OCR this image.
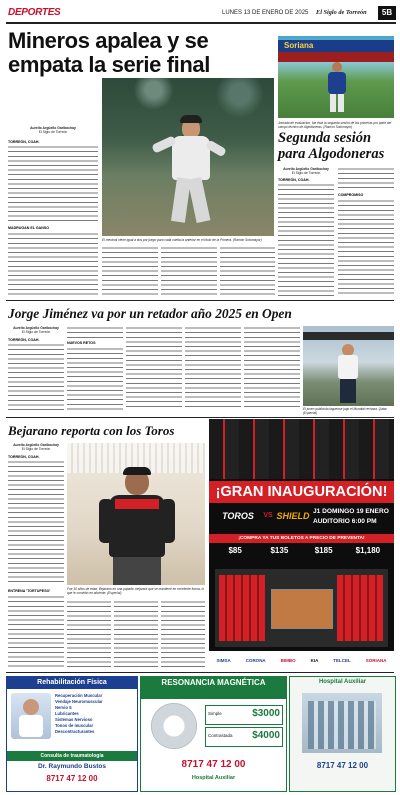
DEPORTES	LUNES 13 DE ENERO DE 2025 El Siglo de Torreón	5B
Mineros apalea y se empata la serie final
El mexicali viene igual a dos por juego para cada vuelta la anterior en el título de la Primera. (Ramón Sotomayor)
Aurelio Argüello Garibochay
El Siglo de Torreón
TORREÓN, COAH.
MADRUGAN EL GANSO
Soriana
Jornada de evaluación, fue ésta la segunda sesión de las primeras por parte del campo técnico de Algodoneras. (Ramón Sotomayor)
Segunda sesión para Algodoneras
Aurelio Argüello Garibochay
El Siglo de Torreón
TORREÓN, COAH.
COMPROMISO
Jorge Jiménez va por un retador año 2025 en Open
Aurelio Argüello Garibochay
El Siglo de Torreón
TORREÓN, COAH.
NUEVOS RETOS
El joven publicista laguense jugó el Mundial rechaza, Qatar. (Especial)
Bejarano reporta con los Toros
Aurelio Argüello Garibochay
El Siglo de Torreón
TORREÓN, COAH.
ENTRENA 'TORTUPESO'	Fue 30 años de edad, Bejarano en una papaíto mejorará que se mantiene en excelente forma, lo que le convirtió en aliciente. (Especial)
¡GRAN INAUGURACIÓN!
TOROS	VS SHIELD J1 DOMINGO 19 ENERO
AUDITORIO 6:00 PM
¡COMPRA YA TUS BOLETOS A PRECIO DE PREVENTA!
$85	$135	$185	$1,180
SIMSA	CORONA	BIMBO	KIA	TELCEL	SORIANA
Rehabilitación Física
Recuperación Muscular
Vendaje Neuromuscular
Nervio 5
Lubricantes
Sistemas Nervioso
Tonos de muscular
Descontracturantes
Consulta de traumatología
Dr. Raymundo Bustos
8717 47 12 00
RESONANCIA MAGNÉTICA
Simple	$3000
Contrastada $4000
8717 47 12 00
Hospital Auxiliar
Hospital Auxiliar
8717 47 12 00
